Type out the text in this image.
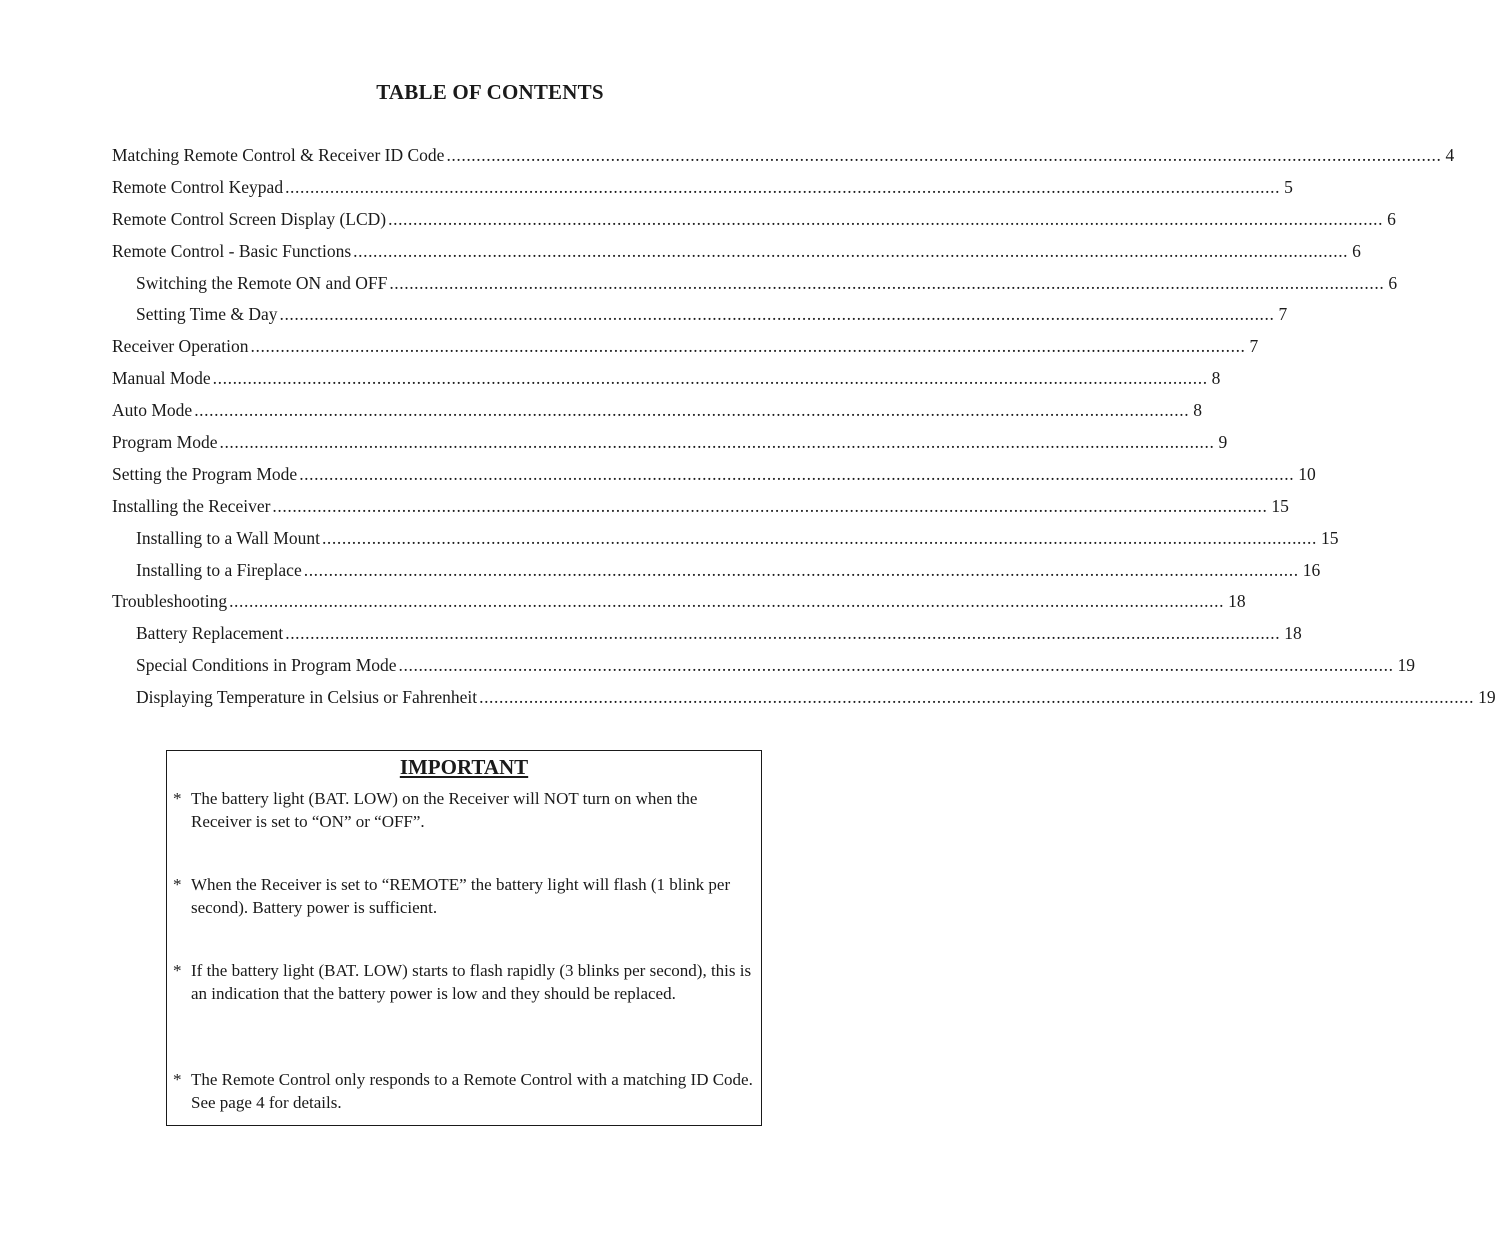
TABLE OF CONTENTS
Matching Remote Control & Receiver ID Code ........................................................................................................................................................................................................ 4
Remote Control Keypad ........................................................................................................................................................................................................ 5
Remote Control Screen Display (LCD) ........................................................................................................................................................................................................ 6
Remote Control - Basic Functions ........................................................................................................................................................................................................ 6
Switching the Remote ON and OFF ........................................................................................................................................................................................................ 6
Setting Time & Day ........................................................................................................................................................................................................ 7
Receiver Operation ........................................................................................................................................................................................................ 7
Manual Mode ........................................................................................................................................................................................................ 8
Auto Mode ........................................................................................................................................................................................................ 8
Program Mode ........................................................................................................................................................................................................ 9
Setting the Program Mode ........................................................................................................................................................................................................ 10
Installing the Receiver ........................................................................................................................................................................................................ 15
Installing to a Wall Mount ........................................................................................................................................................................................................ 15
Installing to a Fireplace ........................................................................................................................................................................................................ 16
Troubleshooting ........................................................................................................................................................................................................ 18
Battery Replacement ........................................................................................................................................................................................................ 18
Special Conditions in Program Mode ........................................................................................................................................................................................................ 19
Displaying Temperature in Celsius or Fahrenheit ........................................................................................................................................................................................................ 19
IMPORTANT
* The battery light (BAT. LOW) on the Receiver will NOT turn on when the Receiver is set to “ON” or “OFF”.
* When the Receiver is set to “REMOTE” the battery light will flash (1 blink per second). Battery power is sufficient.
* If the battery light (BAT. LOW) starts to flash rapidly (3 blinks per second), this is an indication that the battery power is low and they should be replaced.
* The Remote Control only responds to a Remote Control with a matching ID Code. See page 4 for details.
